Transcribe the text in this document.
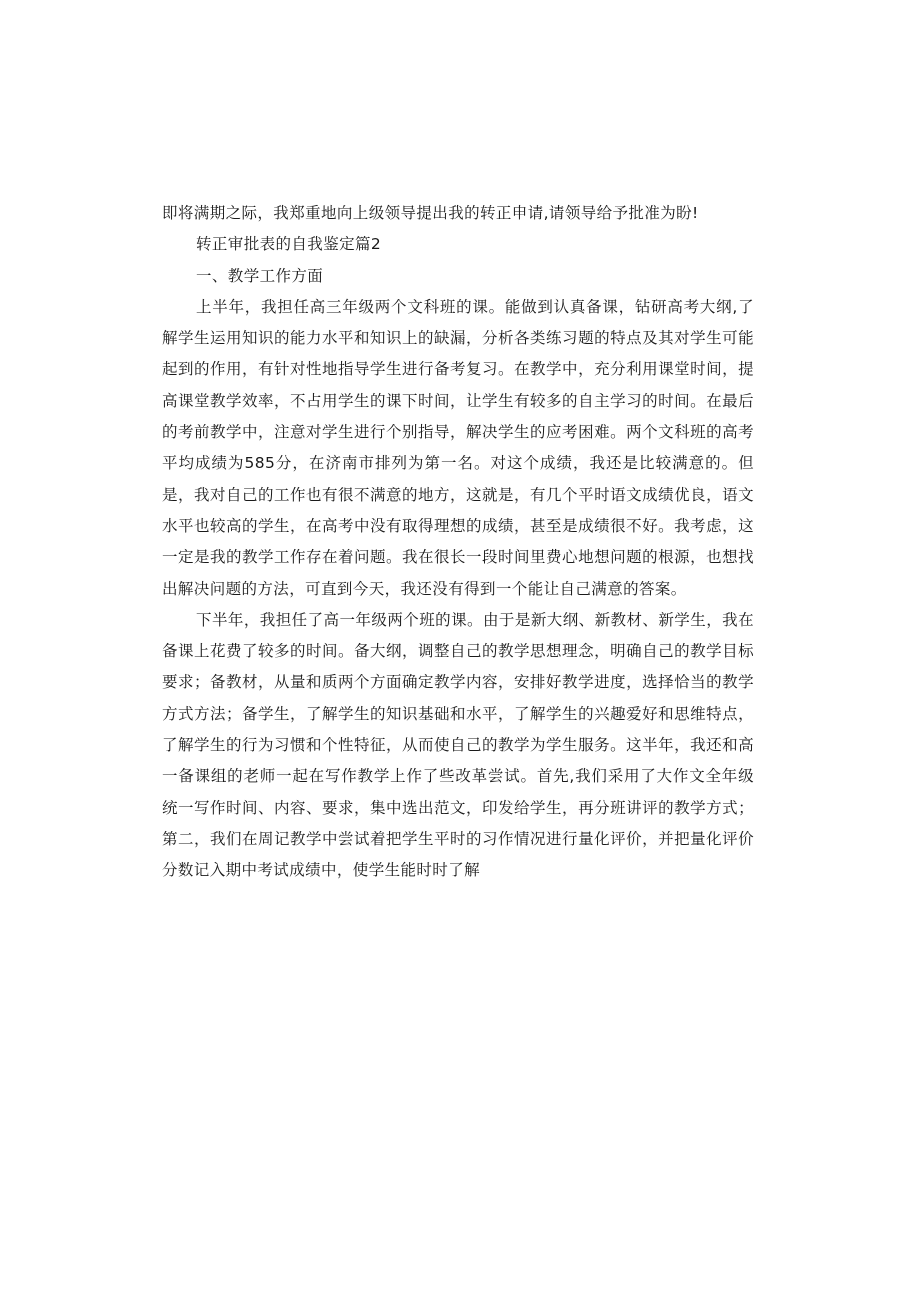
即将满期之际，我郑重地向上级领导提出我的转正申请,请领导给予批准为盼!

转正审批表的自我鉴定篇2

一、教学工作方面

上半年，我担任高三年级两个文科班的课。能做到认真备课，钻研高考大纲,了解学生运用知识的能力水平和知识上的缺漏，分析各类练习题的特点及其对学生可能起到的作用，有针对性地指导学生进行备考复习。在教学中，充分利用课堂时间，提高课堂教学效率，不占用学生的课下时间，让学生有较多的自主学习的时间。在最后的考前教学中，注意对学生进行个别指导，解决学生的应考困难。两个文科班的高考平均成绩为585分，在济南市排列为第一名。对这个成绩，我还是比较满意的。但是，我对自己的工作也有很不满意的地方，这就是，有几个平时语文成绩优良，语文水平也较高的学生，在高考中没有取得理想的成绩，甚至是成绩很不好。我考虑，这一定是我的教学工作存在着问题。我在很长一段时间里费心地想问题的根源，也想找出解决问题的方法，可直到今天，我还没有得到一个能让自己满意的答案。

下半年，我担任了高一年级两个班的课。由于是新大纲、新教材、新学生，我在备课上花费了较多的时间。备大纲，调整自己的教学思想理念，明确自己的教学目标要求；备教材，从量和质两个方面确定教学内容，安排好教学进度，选择恰当的教学方式方法；备学生，了解学生的知识基础和水平，了解学生的兴趣爱好和思维特点，了解学生的行为习惯和个性特征，从而使自己的教学为学生服务。这半年，我还和高一备课组的老师一起在写作教学上作了些改革尝试。首先,我们采用了大作文全年级统一写作时间、内容、要求，集中选出范文，印发给学生，再分班讲评的教学方式；第二，我们在周记教学中尝试着把学生平时的习作情况进行量化评价，并把量化评价分数记入期中考试成绩中，使学生能时时了解
